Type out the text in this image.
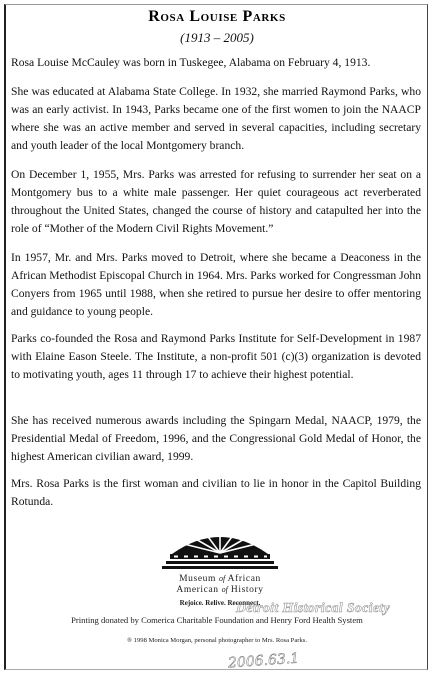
Rosa Louise Parks
(1913 – 2005)

Rosa Louise McCauley was born in Tuskegee, Alabama on February 4, 1913.

She was educated at Alabama State College. In 1932, she married Raymond Parks, who was an early activist. In 1943, Parks became one of the first women to join the NAACP where she was an active member and served in several capacities, including secretary and youth leader of the local Montgomery branch.

On December 1, 1955, Mrs. Parks was arrested for refusing to surrender her seat on a Montgomery bus to a white male passenger. Her quiet courageous act reverberated throughout the United States, changed the course of history and catapulted her into the role of “Mother of the Modern Civil Rights Movement.”

In 1957, Mr. and Mrs. Parks moved to Detroit, where she became a Deaconess in the African Methodist Episcopal Church in 1964. Mrs. Parks worked for Congressman John Conyers from 1965 until 1988, when she retired to pursue her desire to offer mentoring and guidance to young people.

Parks co-founded the Rosa and Raymond Parks Institute for Self-Development in 1987 with Elaine Eason Steele. The Institute, a non-profit 501 (c)(3) organization is devoted to motivating youth, ages 11 through 17 to achieve their highest potential.

She has received numerous awards including the Spingarn Medal, NAACP, 1979, the Presidential Medal of Freedom, 1996, and the Congressional Gold Medal of Honor, the highest American civilian award, 1999.

Mrs. Rosa Parks is the first woman and civilian to lie in honor in the Capitol Building Rotunda.

Museum of African
American of History
Rejoice. Relive. Reconnect.
Detroit Historical Society
Printing donated by Comerica Charitable Foundation and Henry Ford Health System
® 1998 Monica Morgan, personal photographer to Mrs. Rosa Parks.
2006.63.1
